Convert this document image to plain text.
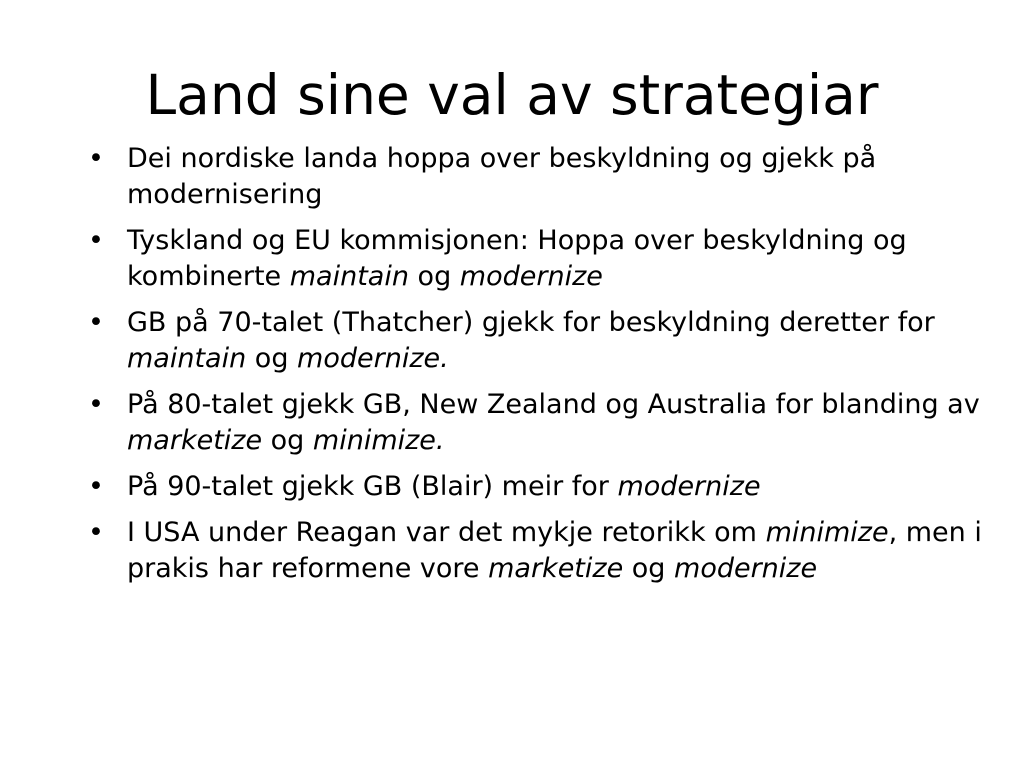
Land sine val av strategiar
• Dei nordiske landa hoppa over beskyldning og gjekk på modernisering
• Tyskland og EU kommisjonen: Hoppa over beskyldning og kombinerte maintain og modernize
• GB på 70-talet (Thatcher) gjekk for beskyldning deretter for maintain og modernize.
• På 80-talet gjekk GB, New Zealand og Australia for blanding av marketize og minimize.
• På 90-talet gjekk GB (Blair) meir for modernize
• I USA under Reagan var det mykje retorikk om minimize, men i prakis har reformene vore marketize og modernize
